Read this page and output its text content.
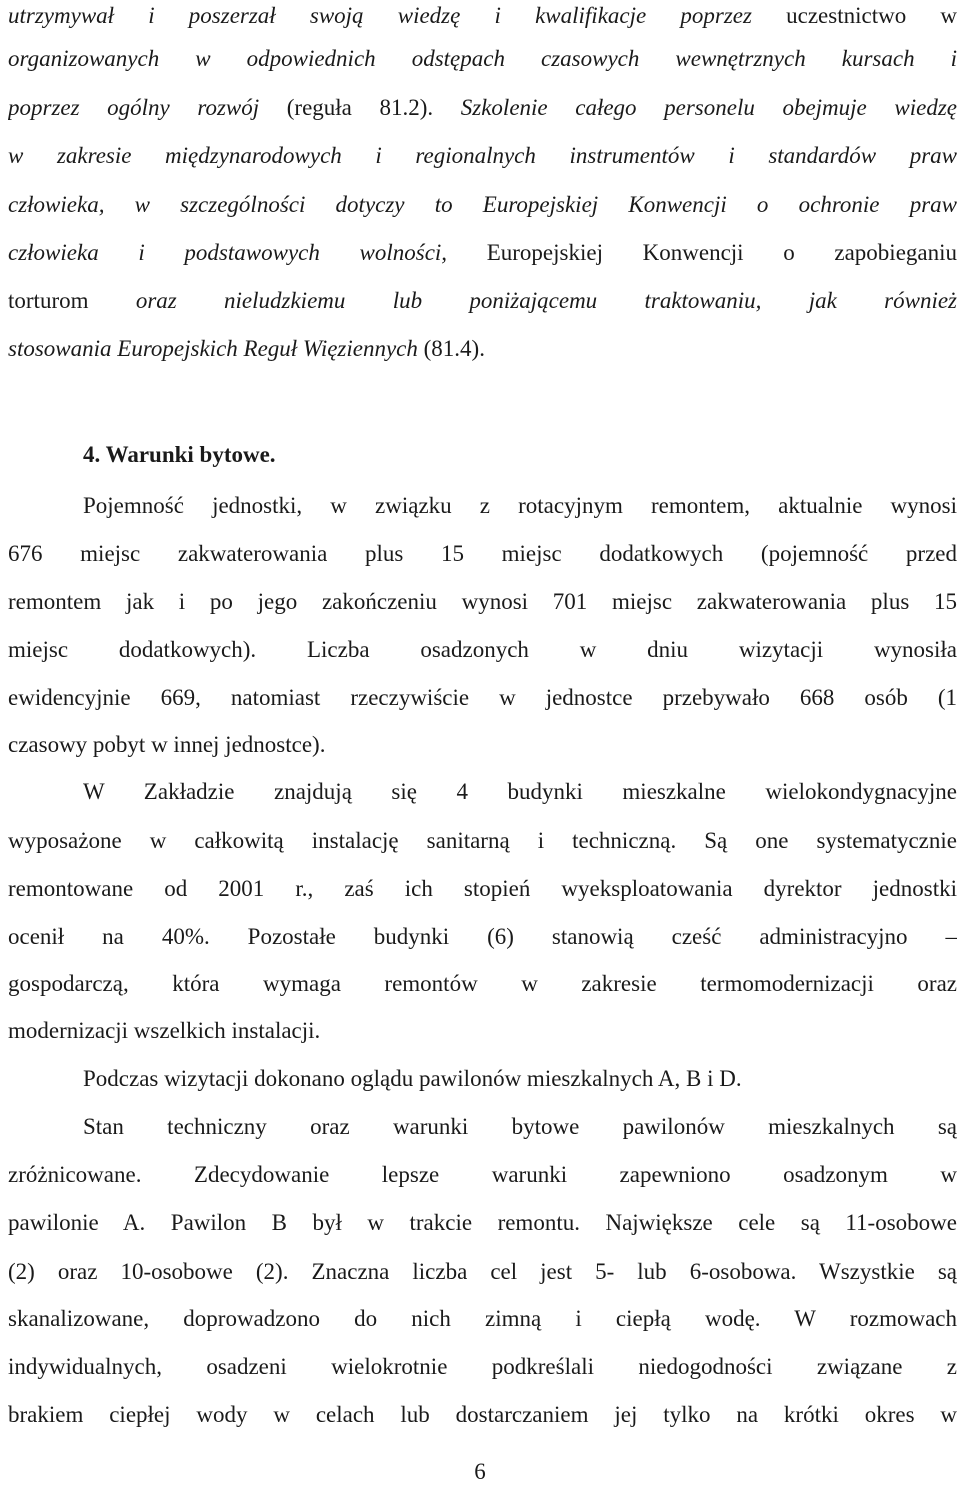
utrzymywał i poszerzał swoją wiedzę i kwalifikacje poprzez uczestnictwo w
organizowanych w odpowiednich odstępach czasowych wewnętrznych kursach i
poprzez ogólny rozwój (reguła 81.2). Szkolenie całego personelu obejmuje wiedzę
w zakresie międzynarodowych i regionalnych instrumentów i standardów praw
człowieka, w szczególności dotyczy to Europejskiej Konwencji o ochronie praw
człowieka i podstawowych wolności, Europejskiej Konwencji o zapobieganiu
torturom oraz nieludzkiemu lub poniżającemu traktowaniu, jak również
stosowania Europejskich Reguł Więziennych (81.4).
4. Warunki bytowe.
Pojemność jednostki, w związku z rotacyjnym remontem, aktualnie wynosi
676 miejsc zakwaterowania plus 15 miejsc dodatkowych (pojemność przed
remontem jak i po jego zakończeniu wynosi 701 miejsc zakwaterowania plus 15
miejsc dodatkowych). Liczba osadzonych w dniu wizytacji wynosiła
ewidencyjnie 669, natomiast rzeczywiście w jednostce przebywało 668 osób (1
czasowy pobyt w innej jednostce).
W Zakładzie znajdują się 4 budynki mieszkalne wielokondygnacyjne
wyposażone w całkowitą instalację sanitarną i techniczną. Są one systematycznie
remontowane od 2001 r., zaś ich stopień wyeksploatowania dyrektor jednostki
ocenił na 40%. Pozostałe budynki (6) stanowią cześć administracyjno –
gospodarczą, która wymaga remontów w zakresie termomodernizacji oraz
modernizacji wszelkich instalacji.
Podczas wizytacji dokonano oglądu pawilonów mieszkalnych A, B i D.
Stan techniczny oraz warunki bytowe pawilonów mieszkalnych są
zróżnicowane. Zdecydowanie lepsze warunki zapewniono osadzonym w
pawilonie A. Pawilon B był w trakcie remontu. Największe cele są 11-osobowe
(2) oraz 10-osobowe (2). Znaczna liczba cel jest 5- lub 6-osobowa. Wszystkie są
skanalizowane, doprowadzono do nich zimną i ciepłą wodę. W rozmowach
indywidualnych, osadzeni wielokrotnie podkreślali niedogodności związane z
brakiem ciepłej wody w celach lub dostarczaniem jej tylko na krótki okres w
6
